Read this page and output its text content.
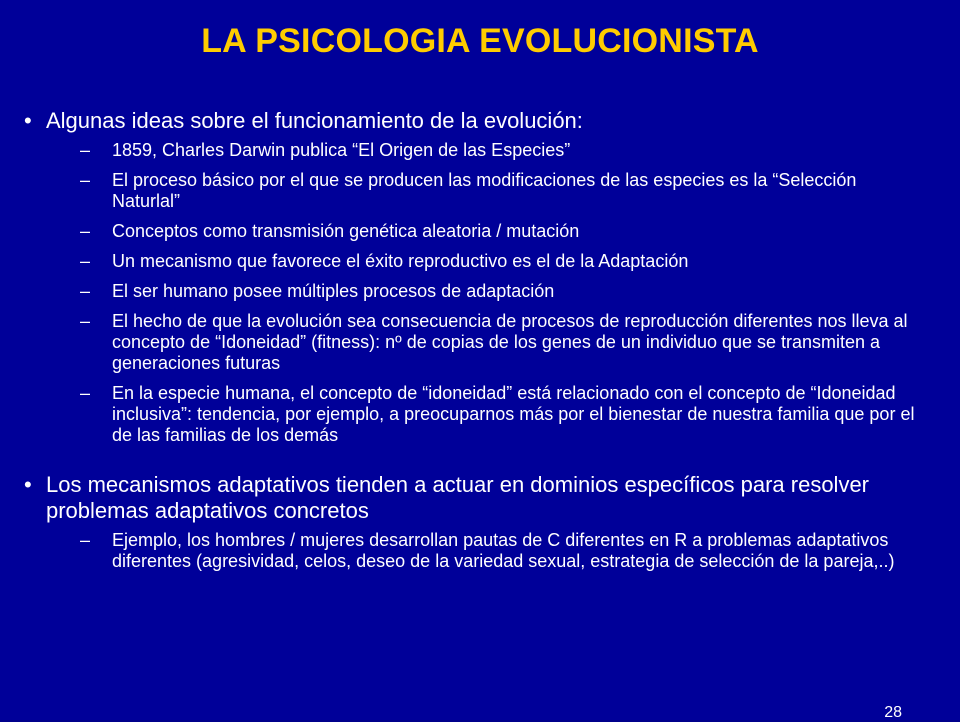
LA PSICOLOGIA EVOLUCIONISTA
• Algunas ideas sobre el funcionamiento de la evolución:
– 1859, Charles Darwin publica “El Origen de las Especies”
– El proceso básico por el que se producen las modificaciones de las especies es la “Selección Naturlal”
– Conceptos como transmisión genética aleatoria / mutación
– Un mecanismo que favorece el éxito reproductivo es el de la Adaptación
– El ser humano posee múltiples procesos de adaptación
– El hecho de que la evolución sea consecuencia de procesos de reproducción diferentes nos lleva al concepto de “Idoneidad” (fitness): nº de copias de los genes de un individuo que se transmiten a generaciones futuras
– En la especie humana, el concepto de “idoneidad” está relacionado con el concepto de “Idoneidad inclusiva”: tendencia, por ejemplo, a preocuparnos más por el bienestar de nuestra familia que por el de las familias de los demás
• Los mecanismos adaptativos tienden a actuar en dominios específicos para resolver problemas adaptativos concretos
– Ejemplo, los hombres / mujeres desarrollan pautas de C diferentes en R a problemas adaptativos diferentes (agresividad, celos, deseo de la variedad sexual, estrategia de selección de la pareja,..)
28
